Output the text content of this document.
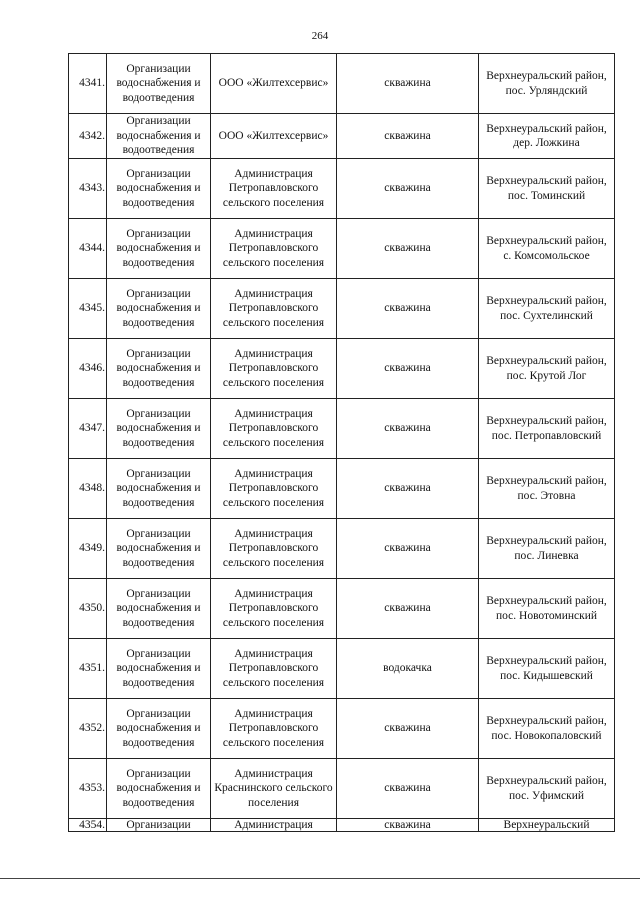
264
4341.	Организации водоснабжения и водоотведения	ООО «Жилтехсервис»	скважина	Верхнеуральский район, пос. Урляндский
4342.	Организации водоснабжения и водоотведения	ООО «Жилтехсервис»	скважина	Верхнеуральский район, дер. Ложкина
4343.	Организации водоснабжения и водоотведения	Администрация Петропавловского сельского поселения	скважина	Верхнеуральский район, пос. Томинский
4344.	Организации водоснабжения и водоотведения	Администрация Петропавловского сельского поселения	скважина	Верхнеуральский район, с. Комсомольское
4345.	Организации водоснабжения и водоотведения	Администрация Петропавловского сельского поселения	скважина	Верхнеуральский район, пос. Сухтелинский
4346.	Организации водоснабжения и водоотведения	Администрация Петропавловского сельского поселения	скважина	Верхнеуральский район, пос. Крутой Лог
4347.	Организации водоснабжения и водоотведения	Администрация Петропавловского сельского поселения	скважина	Верхнеуральский район, пос. Петропавловский
4348.	Организации водоснабжения и водоотведения	Администрация Петропавловского сельского поселения	скважина	Верхнеуральский район, пос. Этовна
4349.	Организации водоснабжения и водоотведения	Администрация Петропавловского сельского поселения	скважина	Верхнеуральский район, пос. Линевка
4350.	Организации водоснабжения и водоотведения	Администрация Петропавловского сельского поселения	скважина	Верхнеуральский район, пос. Новотоминский
4351.	Организации водоснабжения и водоотведения	Администрация Петропавловского сельского поселения	водокачка	Верхнеуральский район, пос. Кидышевский
4352.	Организации водоснабжения и водоотведения	Администрация Петропавловского сельского поселения	скважина	Верхнеуральский район, пос. Новокопаловский
4353.	Организации водоснабжения и водоотведения	Администрация Краснинского сельского поселения	скважина	Верхнеуральский район, пос. Уфимский
4354.	Организации	Администрация	скважина	Верхнеуральский
